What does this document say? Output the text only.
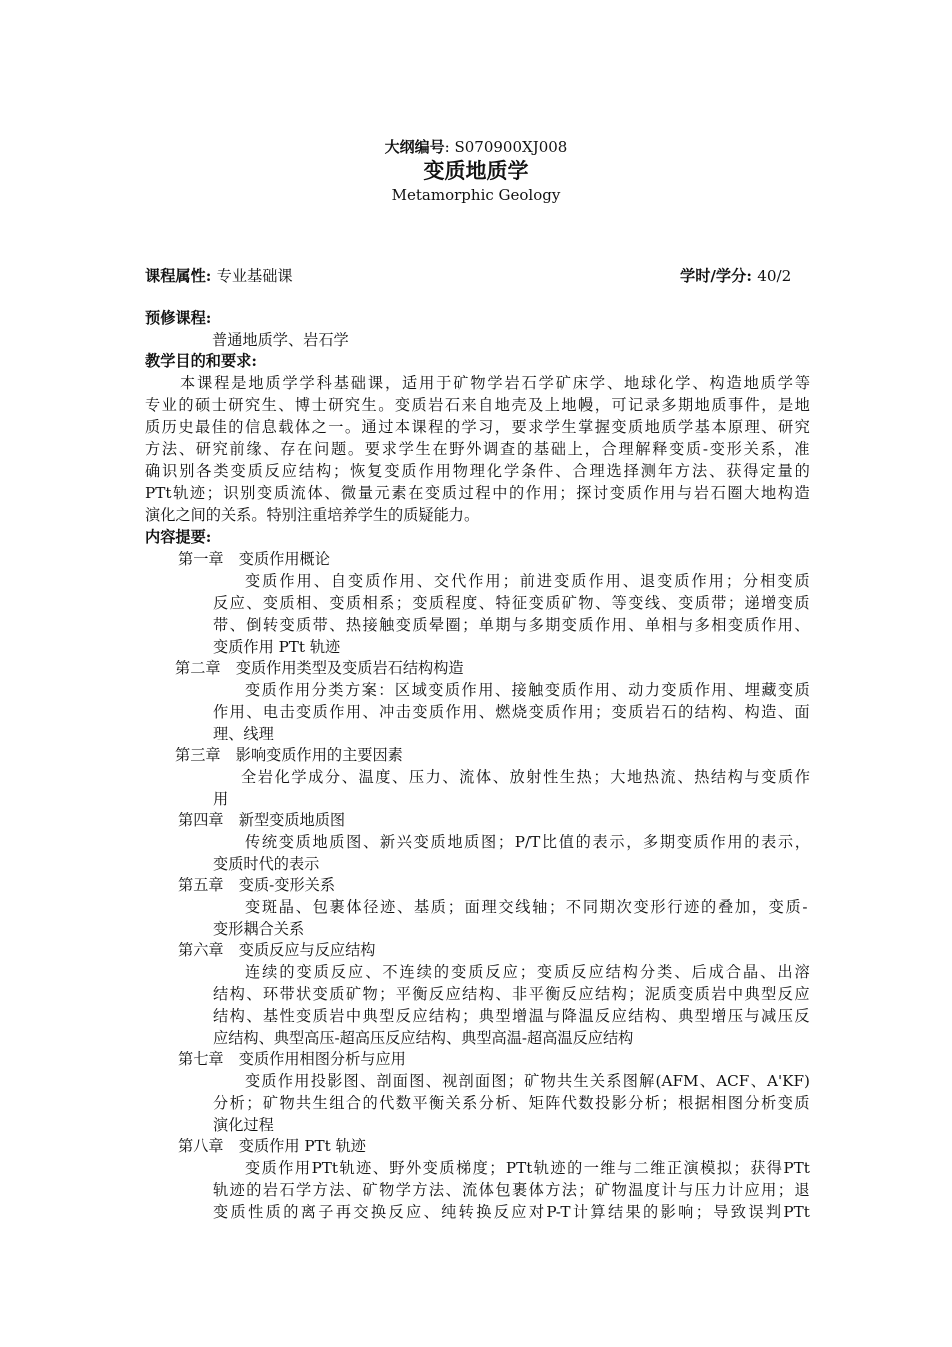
大纲编号: S070900XJ008
变质地质学
Metamorphic Geology
课程属性: 专业基础课	学时/学分: 40/2
预修课程:
普通地质学、岩石学
教学目的和要求:
本 课 程 是 地 质 学 学 科 基 础 课 ， 适 用 于 矿 物 学 岩 石 学 矿 床 学 、 地 球 化 学 、 构 造 地 质 学 等
专 业 的 硕 士 研 究 生 、 博 士 研 究 生 。 变 质 岩 石 来 自 地 壳 及 上 地 幔 ， 可 记 录 多 期 地 质 事 件 ， 是 地
质 历 史 最 佳 的 信 息 载 体 之 一 。 通 过 本 课 程 的 学 习 ， 要 求 学 生 掌 握 变 质 地 质 学 基 本 原 理 、 研 究
方 法 、 研 究 前 缘 、 存 在 问 题 。 要 求 学 生 在 野 外 调 查 的 基 础 上 ， 合 理 解 释 变 质 - 变 形 关 系 ， 准
确 识 别 各 类 变 质 反 应 结 构 ； 恢 复 变 质 作 用 物 理 化 学 条 件 、 合 理 选 择 测 年 方 法 、 获 得 定 量 的
PTt 轨 迹 ； 识 别 变 质 流 体 、 微 量 元 素 在 变 质 过 程 中 的 作 用 ； 探 讨 变 质 作 用 与 岩 石 圈 大 地 构 造
演化之间的关系。特别注重培养学生的质疑能力。
内容提要:
第一章　变质作用概论
变 质 作 用 、 自 变 质 作 用 、 交 代 作 用 ； 前 进 变 质 作 用 、 退 变 质 作 用 ； 分 相 变 质
反 应 、 变 质 相 、 变 质 相 系 ； 变 质 程 度 、 特 征 变 质 矿 物 、 等 变 线 、 变 质 带 ； 递 增 变 质
带 、 倒 转 变 质 带 、 热 接 触 变 质 晕 圈 ； 单 期 与 多 期 变 质 作 用 、 单 相 与 多 相 变 质 作 用 、
变质作用 PTt 轨迹
第二章　变质作用类型及变质岩石结构构造
变 质 作 用 分 类 方 案 ： 区 域 变 质 作 用 、 接 触 变 质 作 用 、 动 力 变 质 作 用 、 埋 藏 变 质
作 用 、 电 击 变 质 作 用 、 冲 击 变 质 作 用 、 燃 烧 变 质 作 用 ； 变 质 岩 石 的 结 构 、 构 造 、 面
理、线理
第三章　影响变质作用的主要因素
全 岩 化 学 成 分 、 温 度 、 压 力 、 流 体 、 放 射 性 生 热 ； 大 地 热 流 、 热 结 构 与 变 质 作
用
第四章　新型变质地质图
传 统 变 质 地 质 图 、 新 兴 变 质 地 质 图 ； P/T 比 值 的 表 示 ， 多 期 变 质 作 用 的 表 示 ，
变质时代的表示
第五章　变质-变形关系
变 斑 晶 、 包 裹 体 径 迹 、 基 质 ； 面 理 交 线 轴 ； 不 同 期 次 变 形 行 迹 的 叠 加 ， 变 质 -
变形耦合关系
第六章　变质反应与反应结构
连 续 的 变 质 反 应 、 不 连 续 的 变 质 反 应 ； 变 质 反 应 结 构 分 类 、 后 成 合 晶 、 出 溶
结 构 、 环 带 状 变 质 矿 物 ； 平 衡 反 应 结 构 、 非 平 衡 反 应 结 构 ； 泥 质 变 质 岩 中 典 型 反 应
结 构 、 基 性 变 质 岩 中 典 型 反 应 结 构 ； 典 型 增 温 与 降 温 反 应 结 构 、 典 型 增 压 与 减 压 反
应结构、典型高压-超高压反应结构、典型高温-超高温反应结构
第七章　变质作用相图分析与应用
变 质 作 用 投 影 图 、 剖 面 图 、 视 剖 面 图 ； 矿 物 共 生 关 系 图 解 (AFM 、 ACF 、 A'KF)
分 析 ； 矿 物 共 生 组 合 的 代 数 平 衡 关 系 分 析 、 矩 阵 代 数 投 影 分 析 ； 根 据 相 图 分 析 变 质
演化过程
第八章　变质作用 PTt 轨迹
变 质 作 用 PTt 轨 迹 、 野 外 变 质 梯 度 ； PTt 轨 迹 的 一 维 与 二 维 正 演 模 拟 ； 获 得 PTt
轨 迹 的 岩 石 学 方 法 、 矿 物 学 方 法 、 流 体 包 裹 体 方 法 ； 矿 物 温 度 计 与 压 力 计 应 用 ； 退
变 质 性 质 的 离 子 再 交 换 反 应 、 纯 转 换 反 应 对 P-T 计 算 结 果 的 影 响 ； 导 致 误 判 PTt
